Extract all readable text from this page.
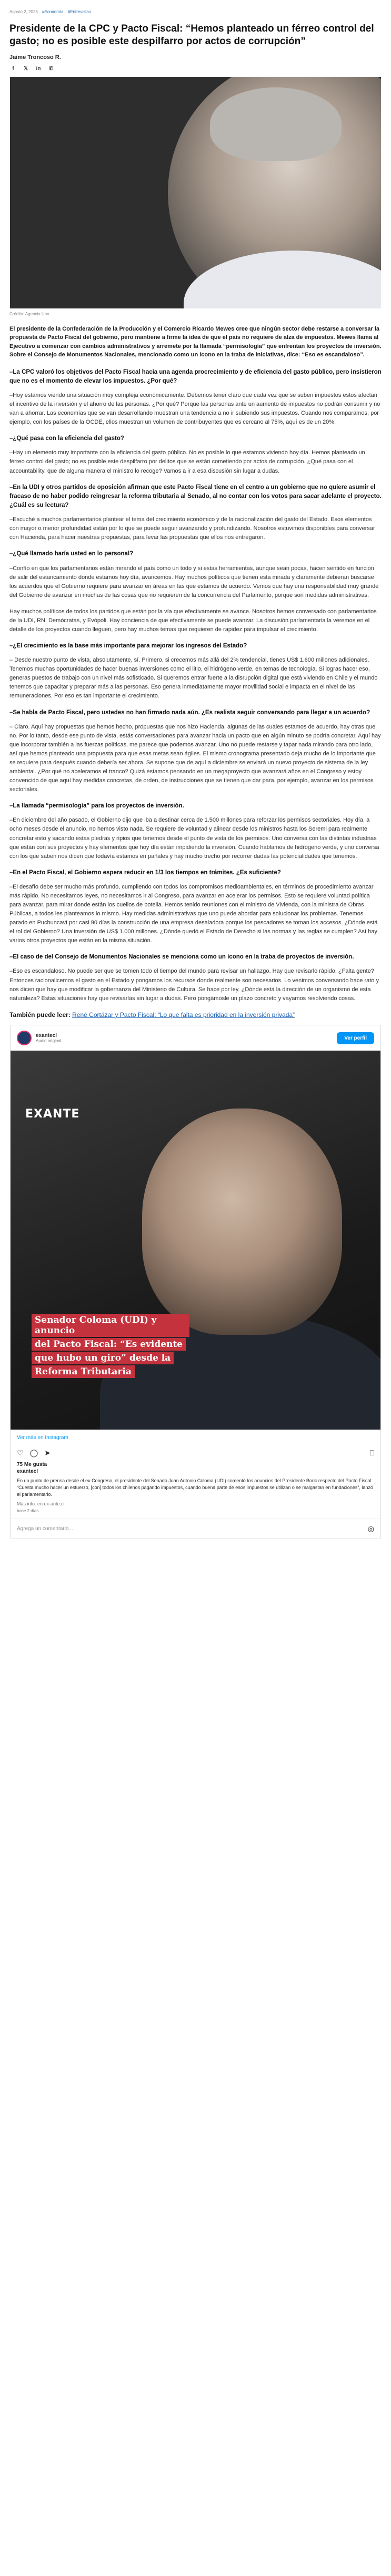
Agosto 2, 2023 #Economía #Entrevistas
Presidente de la CPC y Pacto Fiscal: “Hemos planteado un férreo control del gasto; no es posible este despilfarro por actos de corrupción”
Jaime Troncoso R.
f	𝕏 in ✆
Crédito: Agencia Uno
El presidente de la Confederación de la Producción y el Comercio Ricardo Mewes cree que ningún sector debe restarse a conversar la propuesta de Pacto Fiscal del gobierno, pero mantiene a firme la idea de que el país no requiere de alza de impuestos. Mewes llama al Ejecutivo a comenzar con cambios administrativos y arremete por la llamada “permisología” que enfrentan los proyectos de inversión. Sobre el Consejo de Monumentos Nacionales, mencionado como un ícono en la traba de iniciativas, dice: “Eso es escandaloso”.
–La CPC valoró los objetivos del Pacto Fiscal hacia una agenda procrecimiento y de eficiencia del gasto público, pero insistieron que no es el momento de elevar los impuestos. ¿Por qué?
–Hoy estamos viendo una situación muy compleja económicamente. Debemos tener claro que cada vez que se suben impuestos estos afectan el incentivo de la inversión y el ahorro de las personas. ¿Por qué? Porque las personas ante un aumento de impuestos no podrán consumir y no van a ahorrar. Las economías que se van desarrollando muestran una tendencia a no ir subiendo sus impuestos. Cuando nos comparamos, por ejemplo, con los países de la OCDE, ellos muestran un volumen de contribuyentes que es cercano al 75%, aquí es de un 20%.
–¿Qué pasa con la eficiencia del gasto?
–Hay un elemento muy importante con la eficiencia del gasto público. No es posible lo que estamos viviendo hoy día. Hemos planteado un férreo control del gasto; no es posible este despilfarro por delitos que se están cometiendo por actos de corrupción. ¿Qué pasa con el accountability, que de alguna manera el ministro lo recoge? Vamos a ir a esa discusión sin lugar a dudas.
–En la UDI y otros partidos de oposición afirman que este Pacto Fiscal tiene en el centro a un gobierno que no quiere asumir el fracaso de no haber podido reingresar la reforma tributaria al Senado, al no contar con los votos para sacar adelante el proyecto. ¿Cuál es su lectura?
–Escuché a muchos parlamentarios plantear el tema del crecimiento económico y de la racionalización del gasto del Estado. Esos elementos con mayor o menor profundidad están por lo que se puede seguir avanzando y profundizando. Nosotros estuvimos disponibles para conversar con Hacienda, para hacer nuestras propuestas, para levar las propuestas que ellos nos entregaron.
–¿Qué llamado haría usted en lo personal?
–Confío en que los parlamentarios están mirando el país como un todo y si estas herramientas, aunque sean pocas, hacen sentido en función de salir del estancamiento donde estamos hoy día, avancemos. Hay muchos políticos que tienen esta mirada y claramente debieran buscarse los acuerdos que el Gobierno requiere para avanzar en áreas en las que estamos de acuerdo. Vemos que hay una responsabilidad muy grande del Gobierno de avanzar en muchas de las cosas que no requieren de la concurrencia del Parlamento, porque son medidas administrativas.
Hay muchos políticos de todos los partidos que están por la vía que efectivamente se avance. Nosotros hemos conversado con parlamentarios de la UDI, RN, Demócratas, y Evópoli. Hay conciencia de que efectivamente se puede avanzar. La discusión parlamentaria la veremos en el detalle de los proyectos cuando lleguen, pero hay muchos temas que requieren de rapidez para impulsar el crecimiento.
–¿El crecimiento es la base más importante para mejorar los ingresos del Estado?
– Desde nuestro punto de vista, absolutamente, sí. Primero, si crecemos más allá del 2% tendencial, tienes US$ 1.600 millones adicionales. Tenemos muchas oportunidades de hacer buenas inversiones como el litio, el hidrógeno verde, en temas de tecnología. Si logras hacer eso, generas puestos de trabajo con un nivel más sofisticado. Si queremos entrar fuerte a la disrupción digital que está viviendo en Chile y el mundo tenemos que capacitar y preparar más a las personas. Eso genera inmediatamente mayor movilidad social e impacta en el nivel de las remuneraciones. Por eso es tan importante el crecimiento.
–Se habla de Pacto Fiscal, pero ustedes no han firmado nada aún. ¿Es realista seguir conversando para llegar a un acuerdo?
– Claro. Aquí hay propuestas que hemos hecho, propuestas que nos hizo Hacienda, algunas de las cuales estamos de acuerdo, hay otras que no. Por lo tanto, desde ese punto de vista, estás conversaciones para avanzar hacia un pacto que en algún minuto se podría concretar. Aquí hay que incorporar también a las fuerzas políticas, me parece que podemos avanzar. Uno no puede restarse y tapar nada mirando para otro lado, así que hemos planteado una propuesta para que esas metas sean ágiles. El mismo cronograma presentado deja mucho de lo importante que se requiere para después cuando debería ser ahora. Se supone que de aquí a diciembre se enviará un nuevo proyecto de sistema de la ley ambiental. ¿Por qué no aceleramos el tranco? Quizá estamos pensando en un megaproyecto que avanzará años en el Congreso y estoy convencido de que aquí hay medidas concretas, de orden, de instrucciones que se tienen que dar para, por ejemplo, avanzar en los permisos sectoriales.
–La llamada “permisología” para los proyectos de inversión.
–En diciembre del año pasado, el Gobierno dijo que iba a destinar cerca de 1.500 millones para reforzar los permisos sectoriales. Hoy día, a ocho meses desde el anuncio, no hemos visto nada. Se requiere de voluntad y alinear desde los ministros hasta los Seremi para realmente concretar esto y sacando estas piedras y ripios que tenemos desde el punto de vista de los permisos. Uno conversa con las distintas industrias que están con sus proyectos y hay elementos que hoy día están impidiendo la inversión. Cuando hablamos de hidrógeno verde, y uno conversa con los que saben nos dicen que todavía estamos en pañales y hay mucho trecho por recorrer dadas las potencialidades que tenemos.
–En el Pacto Fiscal, el Gobierno espera reducir en 1/3 los tiempos en trámites. ¿Es suficiente?
–El desafío debe ser mucho más profundo, cumpliendo con todos los compromisos medioambientales, en términos de procedimiento avanzar más rápido. No necesitamos leyes, no necesitamos ir al Congreso, para avanzar en acelerar los permisos. Esto se requiere voluntad política para avanzar, para mirar donde están los cuellos de botella. Hemos tenido reuniones con el ministro de Vivienda, con la ministra de Obras Públicas, a todos les planteamos lo mismo. Hay medidas administrativas que uno puede abordar para solucionar los problemas. Tenemos parado en Puchuncaví por casi 90 días la construcción de una empresa desaladora porque los pescadores se toman los accesos. ¿Dónde está el rol del Gobierno? Una inversión de US$ 1.000 millones. ¿Dónde quedó el Estado de Derecho si las normas y las reglas se cumplen? Así hay varios otros proyectos que están en la misma situación.
–El caso de del Consejo de Monumentos Nacionales se menciona como un ícono en la traba de proyectos de inversión.
–Eso es escandaloso. No puede ser que se tomen todo el tiempo del mundo para revisar un hallazgo. Hay que revisarlo rápido. ¿Falta gente? Entonces racionalicemos el gasto en el Estado y pongamos los recursos donde realmente son necesarios. Lo venimos conversando hace rato y nos dicen que hay que modificar la gobernanza del Ministerio de Cultura. Se hace por ley. ¿Dónde está la dirección de un organismo de esta naturaleza? Estas situaciones hay que revisarlas sin lugar a dudas. Pero pongámosle un plazo concreto y vayamos resolviendo cosas.
También puede leer: René Cortázar y Pacto Fiscal: “Lo que falta es prioridad en la inversión privada”
exantecl
Audio original	Ver perfil
EXANTE
Senador Coloma (UDI) y anuncio del Pacto Fiscal: “Es evidente que hubo un giro” desde la Reforma Tributaria
Ver más en Instagram
♡ ◯ ➤	⎕
75 Me gusta
exantecl
En un punto de prensa desde el ex Congreso, el presidente del Senado Juan Antonio Coloma (UDI) comentó los anuncios del Presidente Boric respecto del Pacto Fiscal: “Cuesta mucho hacer un esfuerzo, [con] todos los chilenos pagando impuestos, cuando buena parte de esos impuestos se utilizan o se malgastan en fundaciones”, lanzó el parlamentario.
Más info. en ex-ante.cl
hace 2 días
Agrega un comentario...	◎
